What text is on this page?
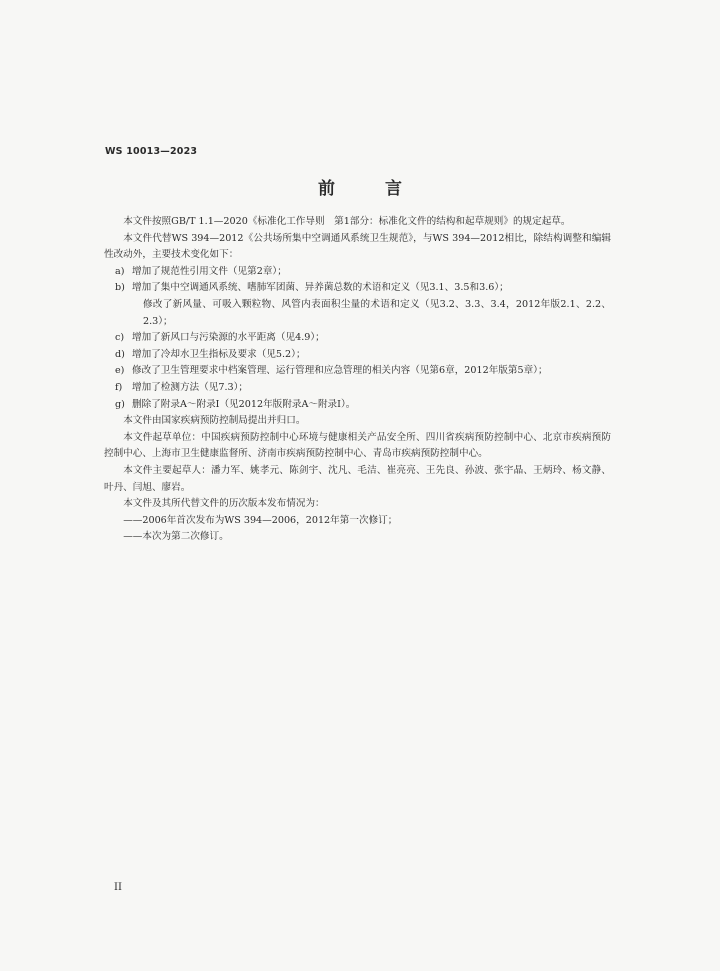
WS 10013—2023
前 言

本文件按照GB/T 1.1—2020《标准化工作导则　第1部分：标准化文件的结构和起草规则》的规定起草。

本文件代替WS 394—2012《公共场所集中空调通风系统卫生规范》，与WS 394—2012相比，除结构调整和编辑性改动外，主要技术变化如下：

a) 增加了规范性引用文件（见第2章）；
b) 增加了集中空调通风系统、嗜肺军团菌、异养菌总数的术语和定义（见3.1、3.5和3.6）；

修改了新风量、可吸入颗粒物、风管内表面积尘量的术语和定义（见3.2、3.3、3.4，2012年版2.1、2.2、2.3）；

c) 增加了新风口与污染源的水平距离（见4.9）；
d) 增加了冷却水卫生指标及要求（见5.2）；
e) 修改了卫生管理要求中档案管理、运行管理和应急管理的相关内容（见第6章，2012年版第5章）；
f)	增加了检测方法（见7.3）；
g) 删除了附录A～附录I（见2012年版附录A～附录I）。

本文件由国家疾病预防控制局提出并归口。

本文件起草单位：中国疾病预防控制中心环境与健康相关产品安全所、四川省疾病预防控制中心、北京市疾病预防控制中心、上海市卫生健康监督所、济南市疾病预防控制中心、青岛市疾病预防控制中心。

本文件主要起草人：潘力军、姚孝元、陈剑宇、沈凡、毛洁、崔亮亮、王先良、孙波、张宇晶、王炳玲、杨文静、叶丹、闫旭、廖岩。

本文件及其所代替文件的历次版本发布情况为：

——2006年首次发布为WS 394—2006，2012年第一次修订；

——本次为第二次修订。

II
